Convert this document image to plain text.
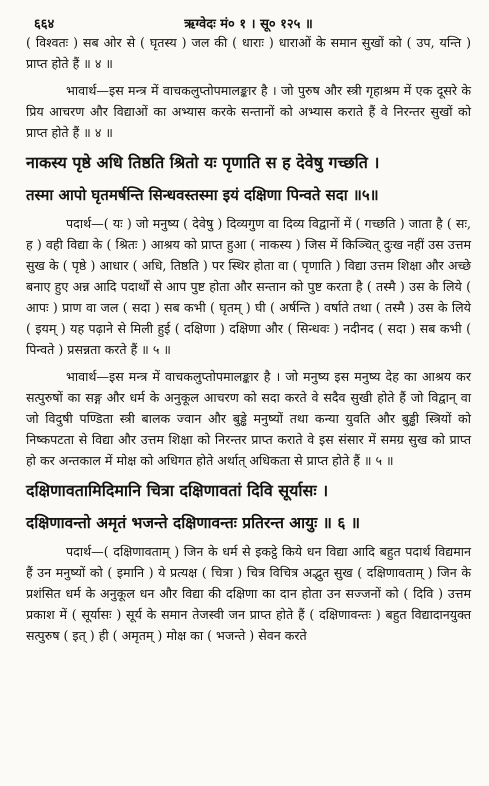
६६४	ऋग्वेदः मं० १ । सू० १२५ ॥

( विश्वतः ) सब ओर से ( घृतस्य ) जल की ( धाराः ) धाराओं के समान सुखों को ( उप, यन्ति ) प्राप्त होते हैं ॥ ४ ॥

भावार्थ—इस मन्त्र में वाचकलुप्तोपमालङ्कार है । जो पुरुष और स्त्री गृहाश्रम में एक दूसरे के प्रिय आचरण और विद्याओं का अभ्यास करके सन्तानों को अभ्यास कराते हैं वे निरन्तर सुखों को प्राप्त होते हैं ॥ ४ ॥

नाकस्य पृष्ठे अधि तिष्ठति श्रितो यः पृणाति स ह देवेषु गच्छति ।
तस्मा आपो घृतमर्षन्ति सिन्धवस्तस्मा इयं दक्षिणा पिन्वते सदा ॥५॥

पदार्थ—( यः ) जो मनुष्य ( देवेषु ) दिव्यगुण वा दिव्य विद्वानों में ( गच्छति ) जाता है ( सः, ह ) वही विद्या के ( श्रितः ) आश्रय को प्राप्त हुआ ( नाकस्य ) जिस में किञ्चित् दुःख नहीं उस उत्तम सुख के ( पृष्ठे ) आधार ( अधि, तिष्ठति ) पर स्थिर होता वा ( पृणाति ) विद्या उत्तम शिक्षा और अच्छे बनाए हुए अन्न आदि पदार्थों से आप पुष्ट होता और सन्तान को पुष्ट करता है ( तस्मै ) उस के लिये ( आपः ) प्राण वा जल ( सदा ) सब कभी ( घृतम् ) घी ( अर्षन्ति ) वर्षाते तथा ( तस्मै ) उस के लिये ( इयम् ) यह पढ़ाने से मिली हुई ( दक्षिणा ) दक्षिणा और ( सिन्धवः ) नदीनद ( सदा ) सब कभी ( पिन्वते ) प्रसन्नता करते हैं ॥ ५ ॥

भावार्थ—इस मन्त्र में वाचकलुप्तोपमालङ्कार है । जो मनुष्य इस मनुष्य देह का आश्रय कर सत्पुरुषों का सङ्ग और धर्म के अनुकूल आचरण को सदा करते वे सदैव सुखी होते हैं जो विद्वान् वा जो विदुषी पण्डिता स्त्री बालक ज्वान और बुड्ढे मनुष्यों तथा कन्या युवति और बुड्ढी स्त्रियों को निष्कपटता से विद्या और उत्तम शिक्षा को निरन्तर प्राप्त कराते वे इस संसार में समग्र सुख को प्राप्त हो कर अन्तकाल में मोक्ष को अधिगत होते अर्थात् अधिकता से प्राप्त होते हैं ॥ ५ ॥

दक्षिणावतामिदिमानि चित्रा दक्षिणावतां दिवि सूर्यासः ।
दक्षिणावन्तो अमृतं भजन्ते दक्षिणावन्तः प्रतिरन्त आयुः ॥ ६ ॥

पदार्थ—( दक्षिणावताम् ) जिन के धर्म से इकट्ठे किये धन विद्या आदि बहुत पदार्थ विद्यमान हैं उन मनुष्यों को ( इमानि ) ये प्रत्यक्ष ( चित्रा ) चित्र विचित्र अद्भुत सुख ( दक्षिणावताम् ) जिन के प्रशंसित धर्म के अनुकूल धन और विद्या की दक्षिणा का दान होता उन सज्जनों को ( दिवि ) उत्तम प्रकाश में ( सूर्यासः ) सूर्य के समान तेजस्वी जन प्राप्त होते हैं ( दक्षिणावन्तः ) बहुत विद्यादानयुक्त सत्पुरुष ( इत् ) ही ( अमृतम् ) मोक्ष का ( भजन्ते ) सेवन करते
